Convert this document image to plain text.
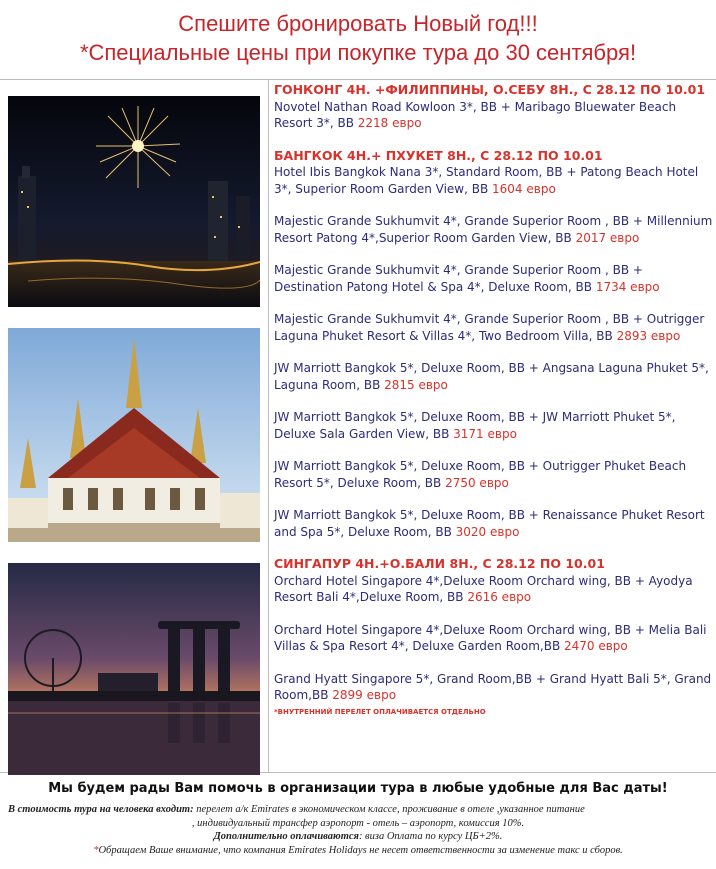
Спешите бронировать Новый год!!!
*Специальные цены при покупке тура до 30 сентября!
ГОНКОНГ 4Н. +ФИЛИППИНЫ, О.СЕБУ 8Н., С 28.12 ПО 10.01
Novotel Nathan Road Kowloon 3*, BB + Maribago Bluewater Beach Resort 3*, BB 2218 евро
БАНГКОК 4Н.+ ПХУКЕТ 8Н., С 28.12 ПО 10.01
Hotel Ibis Bangkok Nana 3*, Standard Room, BB + Patong Beach Hotel 3*, Superior Room Garden View, BB 1604 евро
Majestic Grande Sukhumvit 4*, Grande Superior Room , BB + Millennium Resort Patong 4*,Superior Room Garden View, BB 2017 евро
Majestic Grande Sukhumvit 4*, Grande Superior Room , BB + Destination Patong Hotel & Spa 4*, Deluxe Room, BB 1734 евро
Majestic Grande Sukhumvit 4*, Grande Superior Room , BB + Outrigger Laguna Phuket Resort & Villas 4*, Two Bedroom Villa, BB 2893 евро
JW Marriott Bangkok 5*, Deluxe Room, BB + Angsana Laguna Phuket 5*, Laguna Room, BB 2815 евро
JW Marriott Bangkok 5*, Deluxe Room, BB + JW Marriott Phuket 5*, Deluxe Sala Garden View, BB 3171 евро
JW Marriott Bangkok 5*, Deluxe Room, BB + Outrigger Phuket Beach Resort 5*, Deluxe Room, BB 2750 евро
JW Marriott Bangkok 5*, Deluxe Room, BB + Renaissance Phuket Resort and Spa 5*, Deluxe Room, BB 3020 евро
СИНГАПУР 4Н.+О.БАЛИ 8Н., С 28.12 ПО 10.01
Orchard Hotel Singapore 4*,Deluxe Room Orchard wing, BB + Ayodya Resort Bali 4*,Deluxe Room, BB 2616 евро
Orchard Hotel Singapore 4*,Deluxe Room Orchard wing, BB + Melia Bali Villas & Spa Resort 4*, Deluxe Garden Room,BB 2470 евро
Grand Hyatt Singapore 5*, Grand Room,BB + Grand Hyatt Bali 5*, Grand Room,BB 2899 евро
*ВНУТРЕННИЙ ПЕРЕЛЕТ ОПЛАЧИВАЕТСЯ ОТДЕЛЬНО
Мы будем рады Вам помочь в организации тура в любые удобные для Вас даты!

В стоимость тура на человека входит: перелет а/к Emirates в экономическом классе, проживание в отеле ,указанное питание

, индивидуальный трансфер аэропорт - отель – аэропорт, комиссия 10%.

Дополнительно оплачиваются: виза Оплата по курсу ЦБ+2%.

*Обращаем Ваше внимание, что компания Emirates Holidays не несет ответственности за изменение такс и сборов.
